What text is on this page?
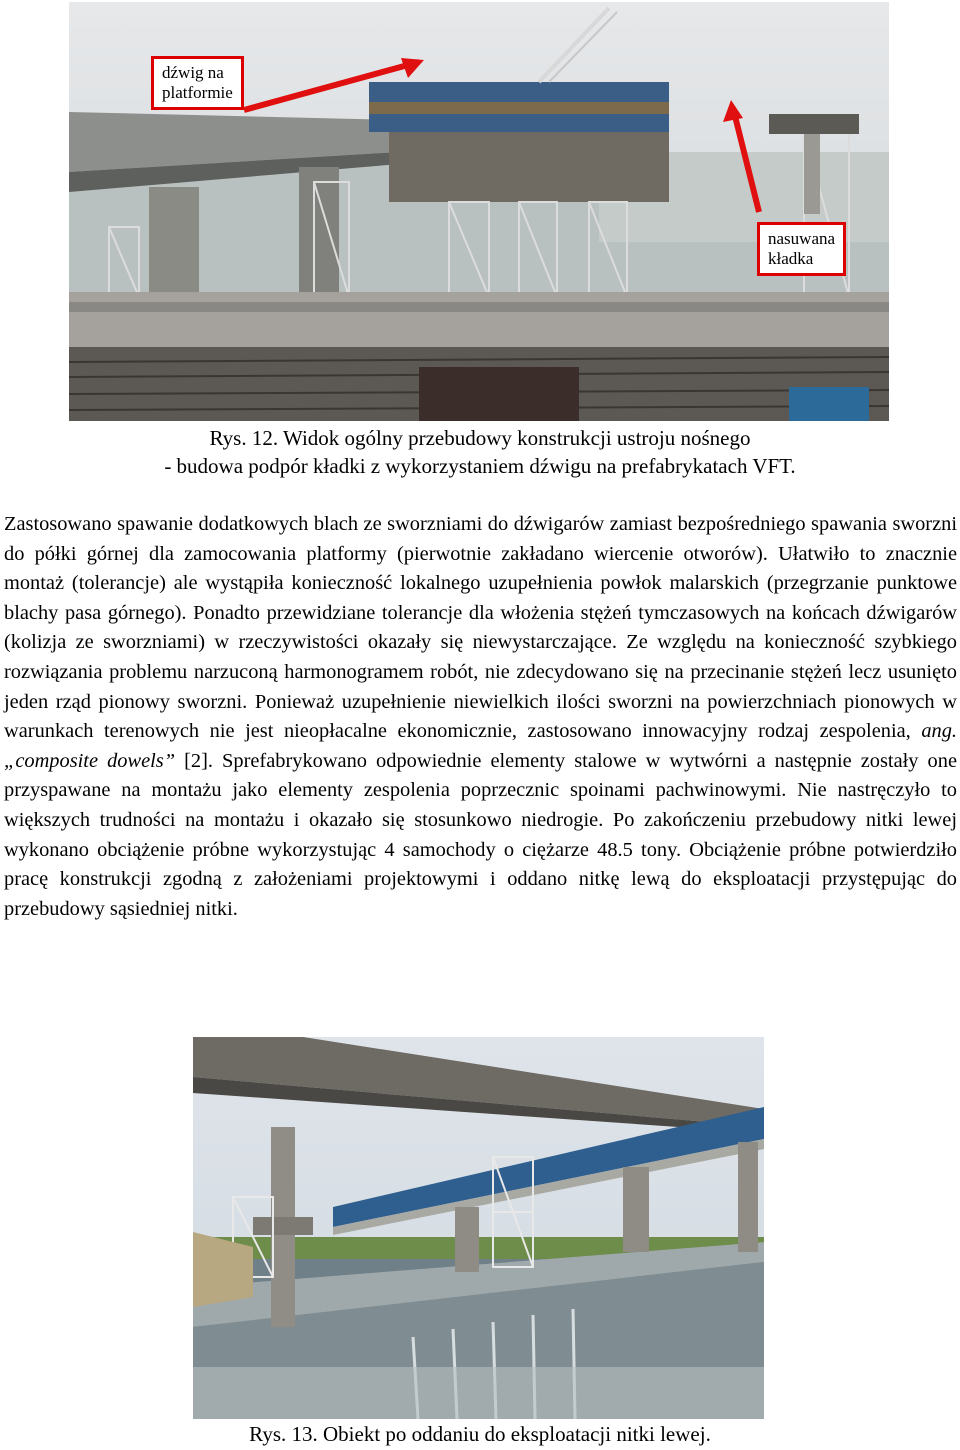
dźwig na
platformie
nasuwana
kładka
Rys. 12. Widok ogólny przebudowy konstrukcji ustroju nośnego
- budowa podpór kładki z wykorzystaniem dźwigu na prefabrykatach VFT.

Zastosowano spawanie dodatkowych blach ze sworzniami do dźwigarów zamiast bezpośredniego spawania sworzni do półki górnej dla zamocowania platformy (pierwotnie zakładano wiercenie otworów). Ułatwiło to znacznie montaż (tolerancje) ale wystąpiła konieczność lokalnego uzupełnienia powłok malarskich (przegrzanie punktowe blachy pasa górnego). Ponadto przewidziane tolerancje dla włożenia stężeń tymczasowych na końcach dźwigarów (kolizja ze sworzniami) w rzeczywistości okazały się niewystarczające. Ze względu na konieczność szybkiego rozwiązania problemu narzuconą harmonogramem robót, nie zdecydowano się na przecinanie stężeń lecz usunięto jeden rząd pionowy sworzni. Ponieważ uzupełnienie niewielkich ilości sworzni na powierzchniach pionowych w warunkach terenowych nie jest nieopłacalne ekonomicznie, zastosowano innowacyjny rodzaj zespolenia, ang. „composite dowels” [2]. Sprefabrykowano odpowiednie elementy stalowe w wytwórni a następnie zostały one przyspawane na montażu jako elementy zespolenia poprzecznic spoinami pachwinowymi. Nie nastręczyło to większych trudności na montażu i okazało się stosunkowo niedrogie. Po zakończeniu przebudowy nitki lewej wykonano obciążenie próbne wykorzystując 4 samochody o ciężarze 48.5 tony. Obciążenie próbne potwierdziło pracę konstrukcji zgodną z założeniami projektowymi i oddano nitkę lewą do eksploatacji przystępując do przebudowy sąsiedniej nitki.

Rys. 13. Obiekt po oddaniu do eksploatacji nitki lewej.
